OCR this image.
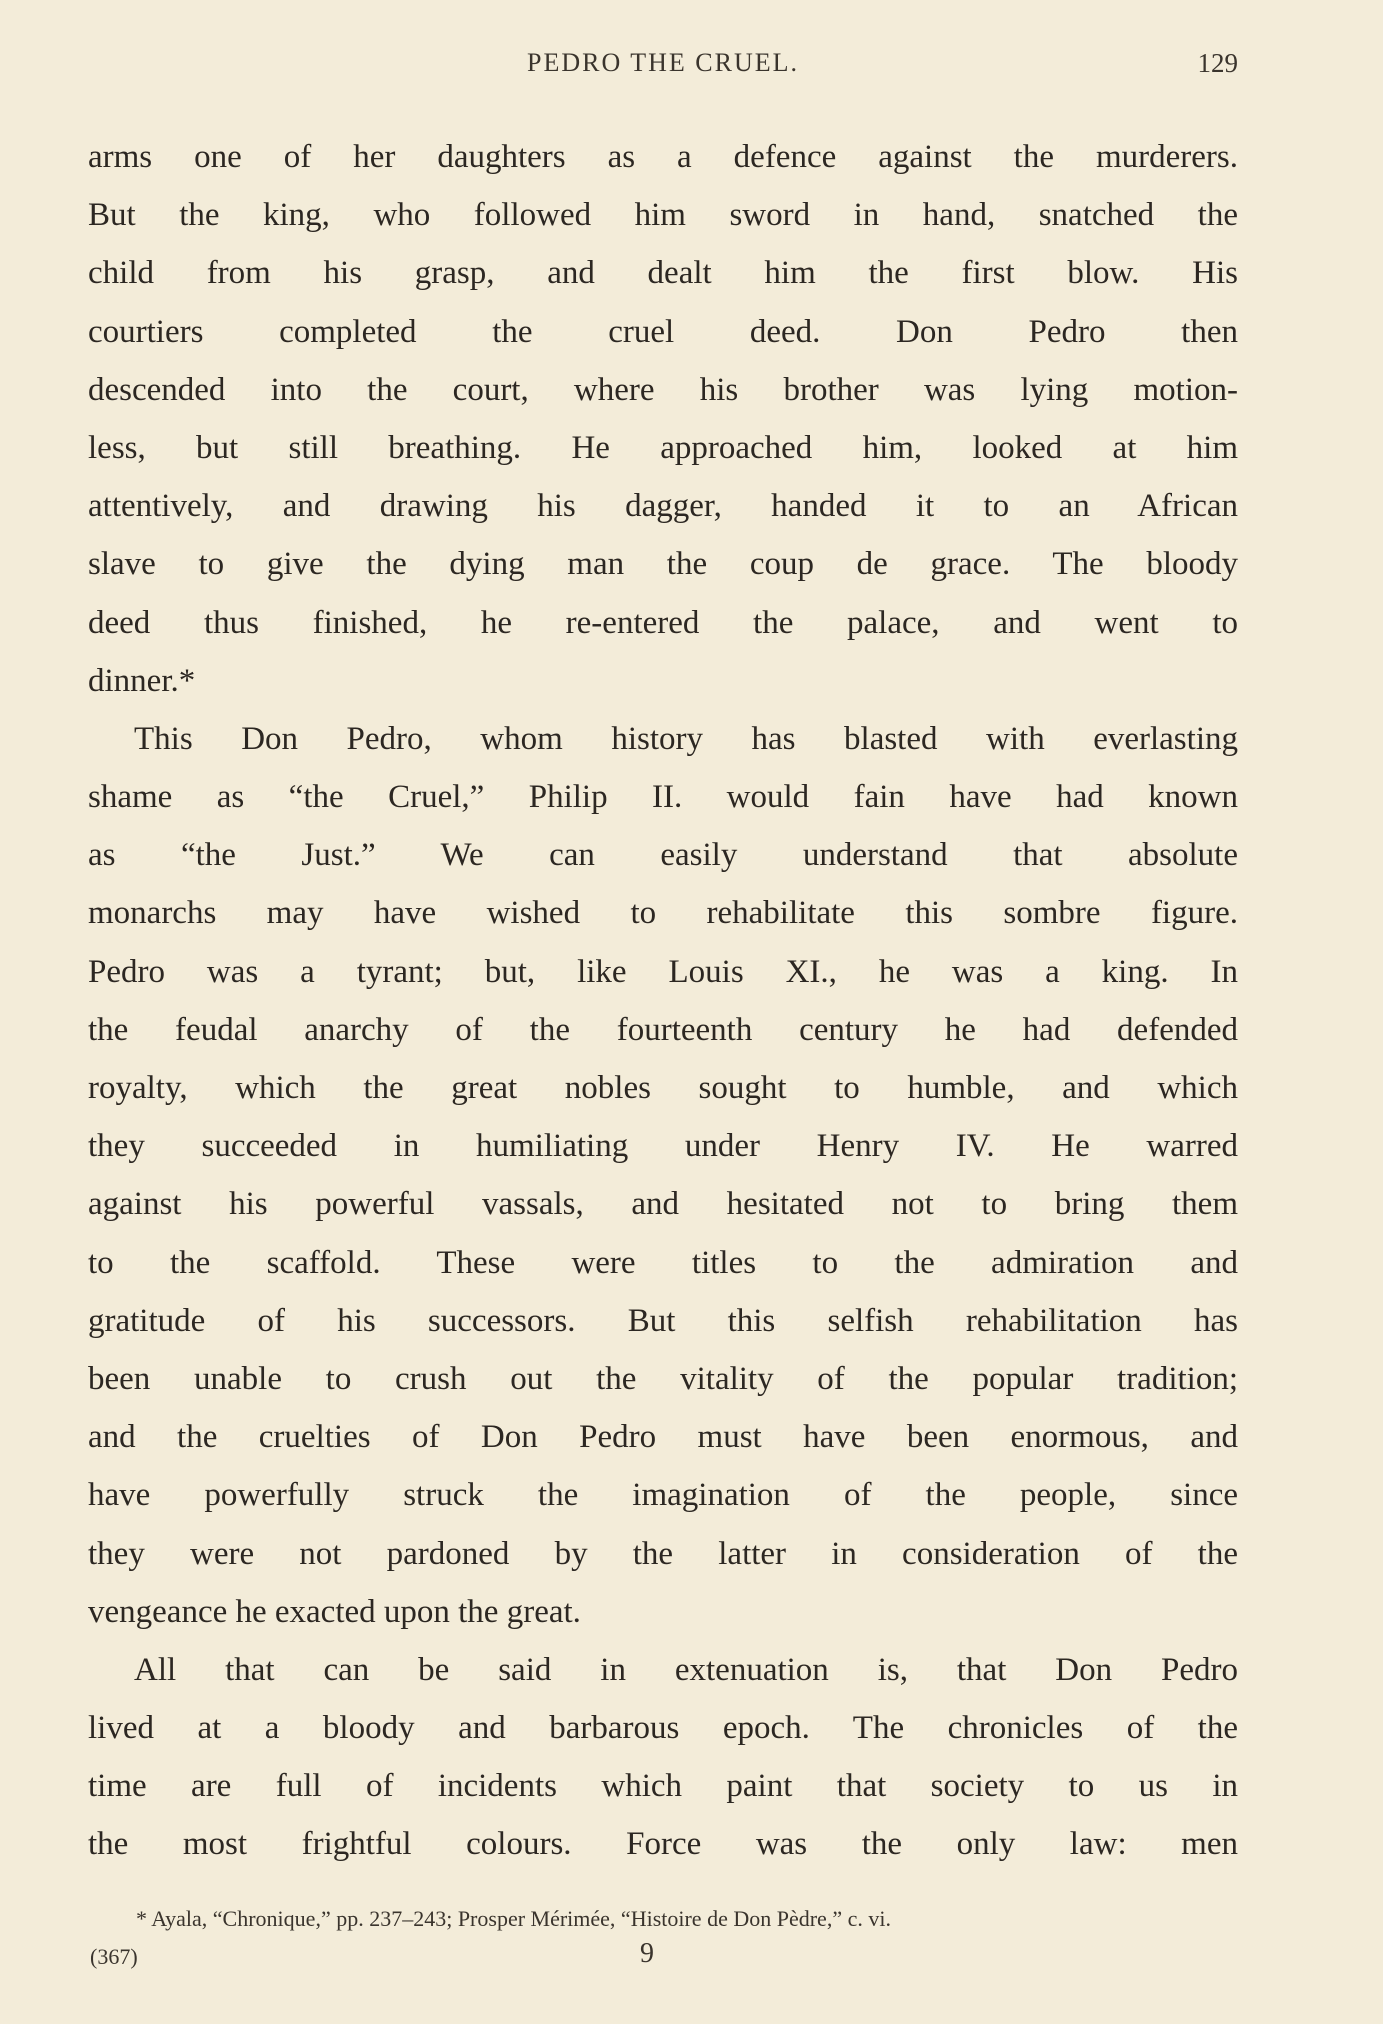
PEDRO THE CRUEL.	129
arms one of her daughters as a defence against the murderers.
But the king, who followed him sword in hand, snatched the
child from his grasp, and dealt him the first blow. His
courtiers completed the cruel deed. Don Pedro then
descended into the court, where his brother was lying motion-
less, but still breathing. He approached him, looked at him
attentively, and drawing his dagger, handed it to an African
slave to give the dying man the coup de grace. The bloody
deed thus finished, he re-entered the palace, and went to
dinner.*
This Don Pedro, whom history has blasted with everlasting
shame as “the Cruel,” Philip II. would fain have had known
as “the Just.” We can easily understand that absolute
monarchs may have wished to rehabilitate this sombre figure.
Pedro was a tyrant; but, like Louis XI., he was a king. In
the feudal anarchy of the fourteenth century he had defended
royalty, which the great nobles sought to humble, and which
they succeeded in humiliating under Henry IV. He warred
against his powerful vassals, and hesitated not to bring them
to the scaffold. These were titles to the admiration and
gratitude of his successors. But this selfish rehabilitation has
been unable to crush out the vitality of the popular tradition;
and the cruelties of Don Pedro must have been enormous, and
have powerfully struck the imagination of the people, since
they were not pardoned by the latter in consideration of the
vengeance he exacted upon the great.
All that can be said in extenuation is, that Don Pedro
lived at a bloody and barbarous epoch. The chronicles of the
time are full of incidents which paint that society to us in
the most frightful colours. Force was the only law: men
* Ayala, “Chronique,” pp. 237–243; Prosper Mérimée, “Histoire de Don Pèdre,” c. vi.
(367)	9
